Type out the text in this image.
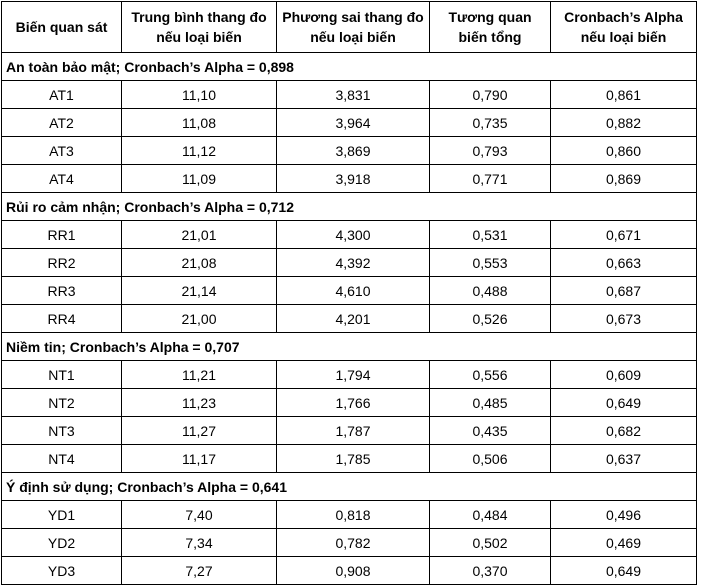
Biến quan sát	Trung bình thang đo nếu loại biến	Phương sai thang đo nếu loại biến	Tương quan biến tổng	Cronbach’s Alpha nếu loại biến
An toàn bảo mật; Cronbach’s Alpha = 0,898				
AT1	11,10	3,831	0,790	0,861
AT2	11,08	3,964	0,735	0,882
AT3	11,12	3,869	0,793	0,860
AT4	11,09	3,918	0,771	0,869
Rủi ro cảm nhận; Cronbach’s Alpha = 0,712				
RR1	21,01	4,300	0,531	0,671
RR2	21,08	4,392	0,553	0,663
RR3	21,14	4,610	0,488	0,687
RR4	21,00	4,201	0,526	0,673
Niềm tin; Cronbach’s Alpha = 0,707				
NT1	11,21	1,794	0,556	0,609
NT2	11,23	1,766	0,485	0,649
NT3	11,27	1,787	0,435	0,682
NT4	11,17	1,785	0,506	0,637
Ý định sử dụng; Cronbach’s Alpha = 0,641				
YD1	7,40	0,818	0,484	0,496
YD2	7,34	0,782	0,502	0,469
YD3	7,27	0,908	0,370	0,649
